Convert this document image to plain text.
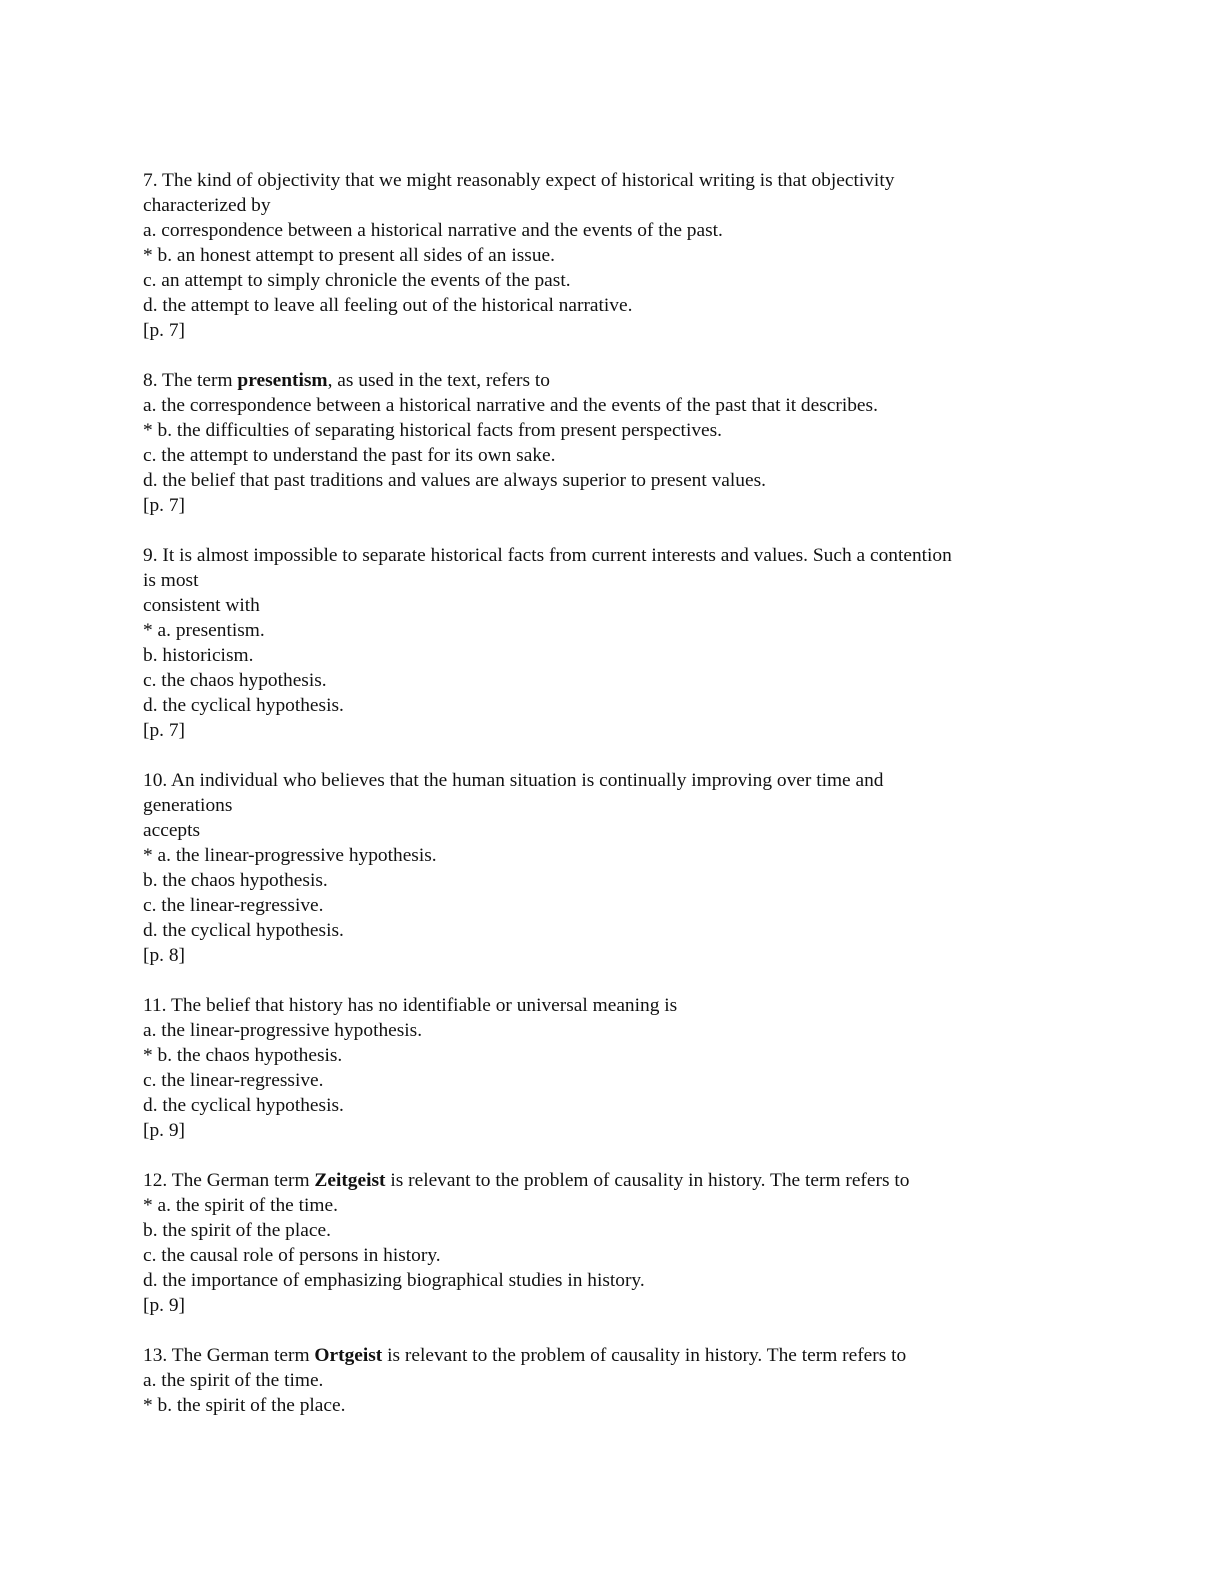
7. The kind of objectivity that we might reasonably expect of historical writing is that objectivity
characterized by
a. correspondence between a historical narrative and the events of the past.
* b. an honest attempt to present all sides of an issue.
c. an attempt to simply chronicle the events of the past.
d. the attempt to leave all feeling out of the historical narrative.
[p. 7]
8. The term presentism, as used in the text, refers to
a. the correspondence between a historical narrative and the events of the past that it describes.
* b. the difficulties of separating historical facts from present perspectives.
c. the attempt to understand the past for its own sake.
d. the belief that past traditions and values are always superior to present values.
[p. 7]
9. It is almost impossible to separate historical facts from current interests and values. Such a contention
is most
consistent with
* a. presentism.
b. historicism.
c. the chaos hypothesis.
d. the cyclical hypothesis.
[p. 7]
10. An individual who believes that the human situation is continually improving over time and
generations
accepts
* a. the linear-progressive hypothesis.
b. the chaos hypothesis.
c. the linear-regressive.
d. the cyclical hypothesis.
[p. 8]
11. The belief that history has no identifiable or universal meaning is
a. the linear-progressive hypothesis.
* b. the chaos hypothesis.
c. the linear-regressive.
d. the cyclical hypothesis.
[p. 9]
12. The German term Zeitgeist is relevant to the problem of causality in history. The term refers to
* a. the spirit of the time.
b. the spirit of the place.
c. the causal role of persons in history.
d. the importance of emphasizing biographical studies in history.
[p. 9]
13. The German term Ortgeist is relevant to the problem of causality in history. The term refers to
a. the spirit of the time.
* b. the spirit of the place.
